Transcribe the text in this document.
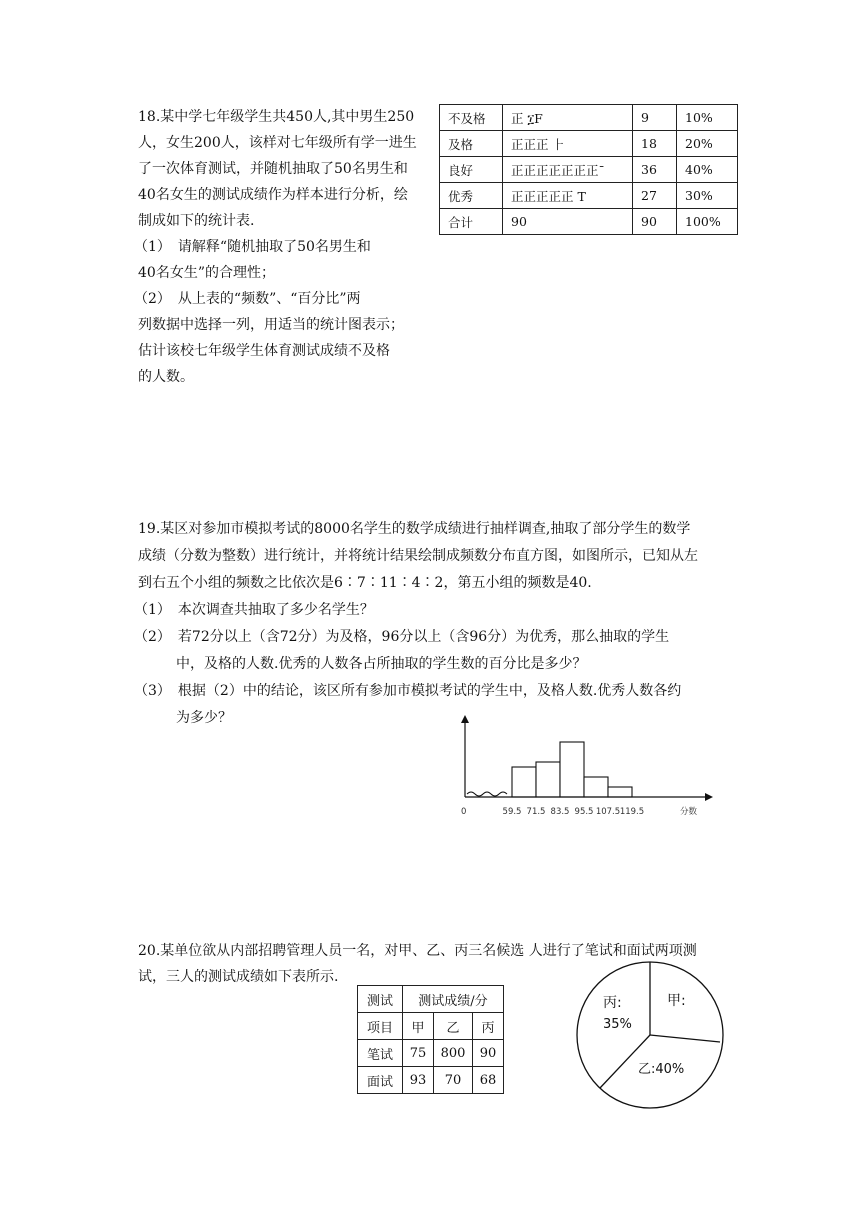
18.某中学七年级学生共450人,其中男生250

人，女生200人，该样对七年级所有学一进生

了一次体育测试，并随机抽取了50名男生和

40名女生的测试成绩作为样本进行分析，绘

制成如下的统计表.

（1）　请解释“随机抽取了50名男生和

40名女生”的合理性；

（2）　从上表的“频数”、“百分比”两

列数据中选择一列，用适当的统计图表示；

估计该校七年级学生体育测试成绩不及格

的人数。

不及格	正 ፲F	9	10%
及格	正正正 ⺊	18	20%
良好	正正正正正正正¯	36	40%
优秀	正正正正正 T	27	30%
合计	90	90	100%

19.某区对参加市模拟考试的8000名学生的数学成绩进行抽样调查,抽取了部分学生的数学

成绩（分数为整数）进行统计，并将统计结果绘制成频数分布直方图，如图所示，已知从左

到右五个小组的频数之比依次是6∶7∶11∶4∶2，第五小组的频数是40.

（1）　本次调查共抽取了多少名学生？

（2）　若72分以上（含72分）为及格，96分以上（含96分）为优秀，那么抽取的学生

中，及格的人数.优秀的人数各占所抽取的学生数的百分比是多少？

（3）　根据（2）中的结论，该区所有参加市模拟考试的学生中，及格人数.优秀人数各约

为多少？

59.5 71.5 83.5 95.5 107.5 119.5
0	分数

20.某单位欲从内部招聘管理人员一名，对甲、乙、丙三名候选 人进行了笔试和面试两项测

试，三人的测试成绩如下表所示.

测试	测试成绩/分		
项目	甲	乙	丙
笔试	75	800	90
面试	93	70	68
甲:
乙:40%
丙:
35%
